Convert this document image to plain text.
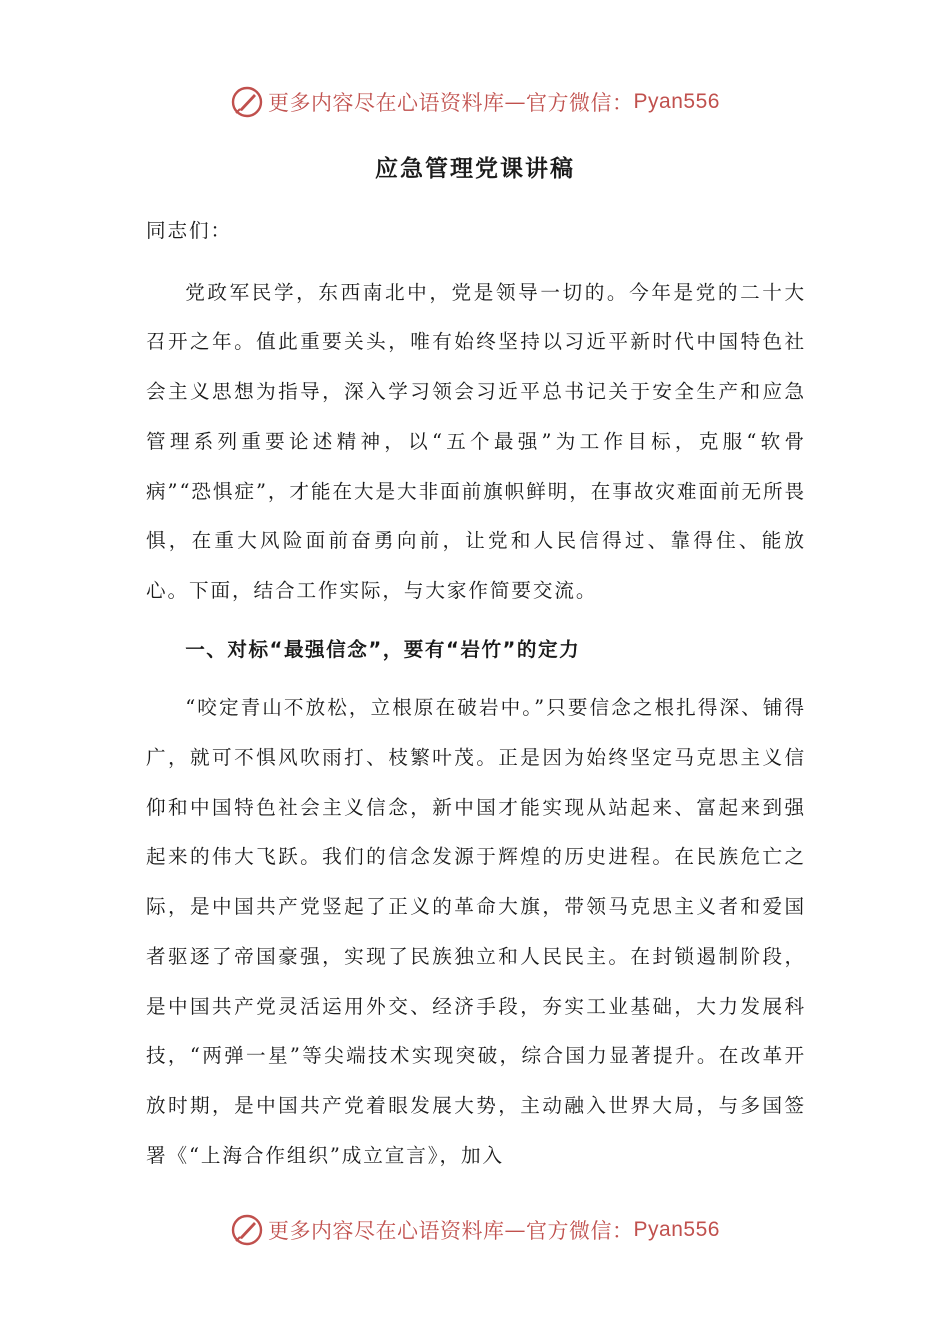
更多内容尽在心语资料库 — 官方微信： Pyan556
应急管理党课讲稿

同志们：

党政军民学，东西南北中，党是领导一切的。今年是党的二十大召开之年。值此重要关头，唯有始终坚持以习近平新时代中国特色社会主义思想为指导，深入学习领会习近平总书记关于安全生产和应急管理系列重要论述精神，以“五个最强”为工作目标，克服“软骨病”“恐惧症”，才能在大是大非面前旗帜鲜明，在事故灾难面前无所畏惧，在重大风险面前奋勇向前，让党和人民信得过、靠得住、能放心。下面，结合工作实际，与大家作简要交流。

一、对标“最强信念”，要有“岩竹”的定力

“咬定青山不放松，立根原在破岩中。”只要信念之根扎得深、铺得广，就可不惧风吹雨打、枝繁叶茂。正是因为始终坚定马克思主义信仰和中国特色社会主义信念，新中国才能实现从站起来、富起来到强起来的伟大飞跃。我们的信念发源于辉煌的历史进程。在民族危亡之际，是中国共产党竖起了正义的革命大旗，带领马克思主义者和爱国者驱逐了帝国豪强，实现了民族独立和人民民主。在封锁遏制阶段，是中国共产党灵活运用外交、经济手段，夯实工业基础，大力发展科技，“两弹一星”等尖端技术实现突破，综合国力显著提升。在改革开放时期，是中国共产党着眼发展大势，主动融入世界大局，与多国签署《“上海合作组织”成立宣言》，加入

更多内容尽在心语资料库 — 官方微信： Pyan556
